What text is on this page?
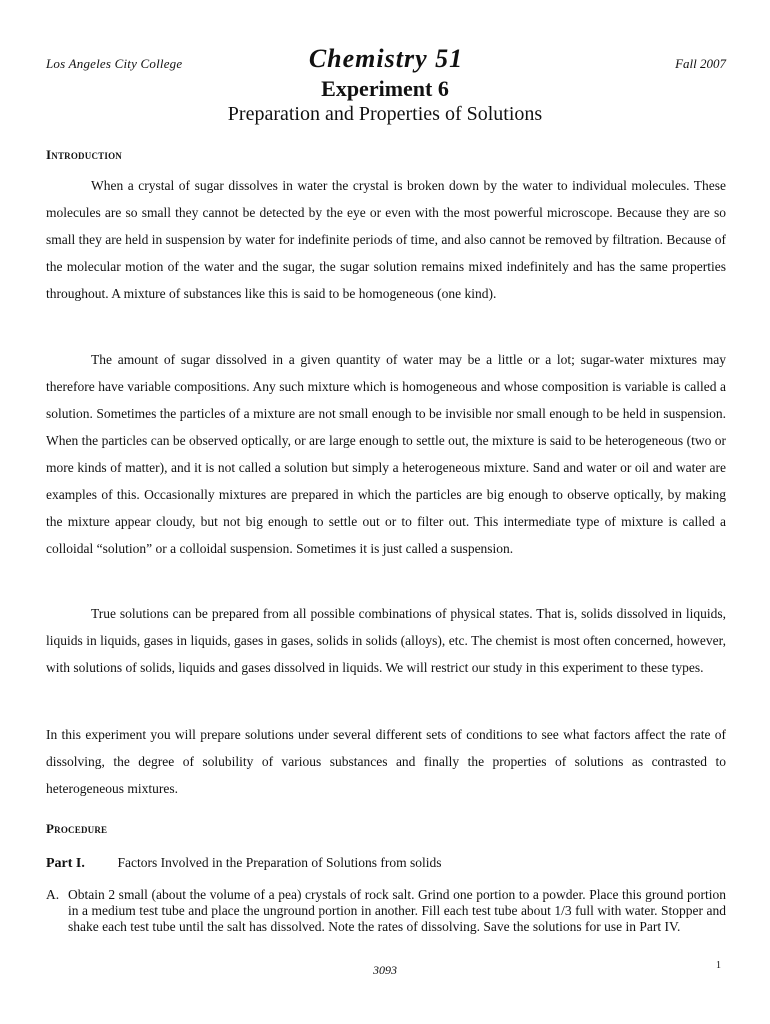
Los Angeles City College	Chemistry 51	Fall 2007
Experiment 6
Preparation and Properties of Solutions
Introduction

When a crystal of sugar dissolves in water the crystal is broken down by the water to individual molecules. These molecules are so small they cannot be detected by the eye or even with the most powerful microscope. Because they are so small they are held in suspension by water for indefinite periods of time, and also cannot be removed by filtration. Because of the molecular motion of the water and the sugar, the sugar solution remains mixed indefinitely and has the same properties throughout. A mixture of substances like this is said to be homogeneous (one kind).

The amount of sugar dissolved in a given quantity of water may be a little or a lot; sugar-water mixtures may therefore have variable compositions. Any such mixture which is homogeneous and whose composition is variable is called a solution. Sometimes the particles of a mixture are not small enough to be invisible nor small enough to be held in suspension. When the particles can be observed optically, or are large enough to settle out, the mixture is said to be heterogeneous (two or more kinds of matter), and it is not called a solution but simply a heterogeneous mixture. Sand and water or oil and water are examples of this. Occasionally mixtures are prepared in which the particles are big enough to observe optically, by making the mixture appear cloudy, but not big enough to settle out or to filter out. This intermediate type of mixture is called a colloidal “solution” or a colloidal suspension. Sometimes it is just called a suspension.

True solutions can be prepared from all possible combinations of physical states. That is, solids dissolved in liquids, liquids in liquids, gases in liquids, gases in gases, solids in solids (alloys), etc. The chemist is most often concerned, however, with solutions of solids, liquids and gases dissolved in liquids. We will restrict our study in this experiment to these types.

In this experiment you will prepare solutions under several different sets of conditions to see what factors affect the rate of dissolving, the degree of solubility of various substances and finally the properties of solutions as contrasted to heterogeneous mixtures.

Procedure
Part I. Factors Involved in the Preparation of Solutions from solids
A. Obtain 2 small (about the volume of a pea) crystals of rock salt. Grind one portion to a powder. Place this ground portion in a medium test tube and place the unground portion in another. Fill each test tube about 1/3 full with water. Stopper and shake each test tube until the salt has dissolved. Note the rates of dissolving. Save the solutions for use in Part IV.
3093	1
